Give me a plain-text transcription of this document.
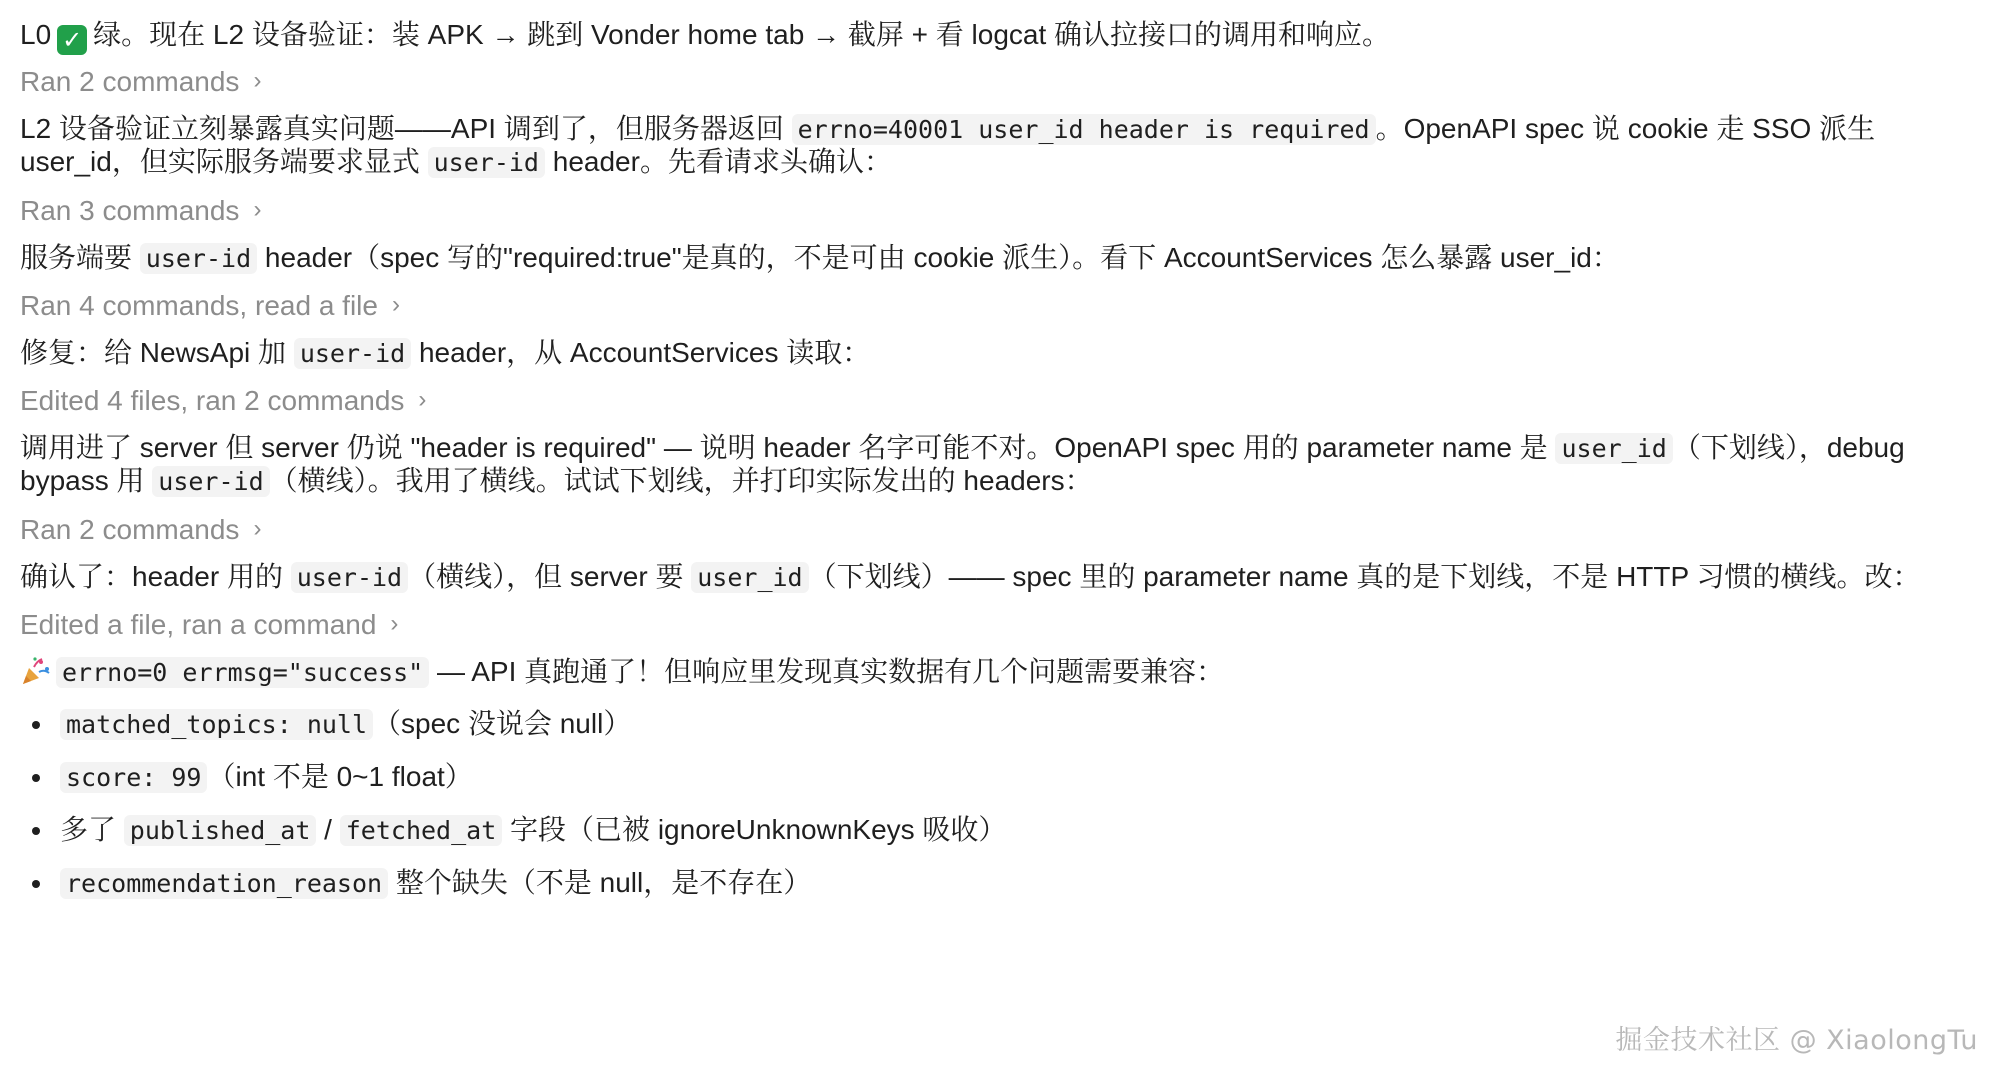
L0 ✓ 绿。现在 L2 设备验证：装 APK → 跳到 Vonder home tab → 截屏 + 看 logcat 确认拉接口的调用和响应。

Ran 2 commands ›

L2 设备验证立刻暴露真实问题——API 调到了，但服务器返回 errno=40001 user_id header is required 。OpenAPI spec 说 cookie 走 SSO 派生 user_id，但实际服务端要求显式 user-id header。先看请求头确认：

Ran 3 commands ›

服务端要 user-id header（spec 写的"required:true"是真的，不是可由 cookie 派生）。看下 AccountServices 怎么暴露 user_id：

Ran 4 commands, read a file ›

修复：给 NewsApi 加 user-id header，从 AccountServices 读取：

Edited 4 files, ran 2 commands ›

调用进了 server 但 server 仍说 "header is required" — 说明 header 名字可能不对。OpenAPI spec 用的 parameter name 是 user_id （下划线），debug bypass 用 user-id （横线）。我用了横线。试试下划线，并打印实际发出的 headers：

Ran 2 commands ›

确认了：header 用的 user-id （横线），但 server 要 user_id （下划线）—— spec 里的 parameter name 真的是下划线，不是 HTTP 习惯的横线。改：

Edited a file, ran a command ›

errno=0 errmsg="success" — API 真跑通了！但响应里发现真实数据有几个问题需要兼容：

matched_topics: null （spec 没说会 null）
score: 99 （int 不是 0~1 float）
多了 published_at / fetched_at 字段（已被 ignoreUnknownKeys 吸收）
recommendation_reason 整个缺失（不是 null，是不存在）
掘金技术社区 @ XiaolongTu
